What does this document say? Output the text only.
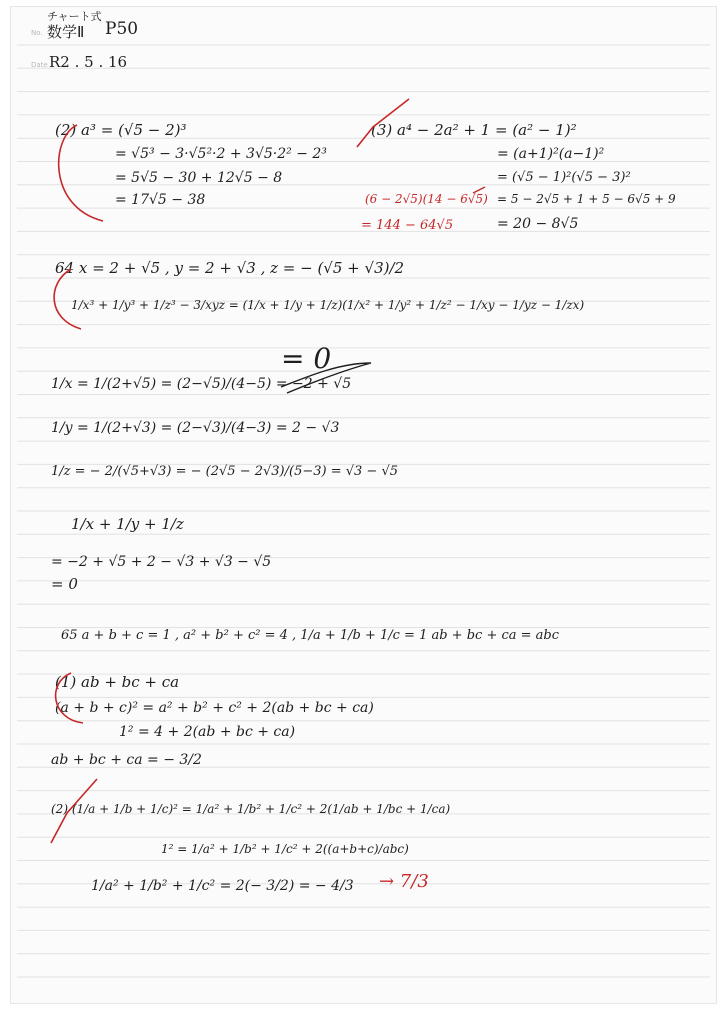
No.
Date
チャート式
数学Ⅱ P50
R2 . 5 . 16
(2) a³ = (√5 − 2)³
= √5³ − 3·√5²·2 + 3√5·2² − 2³
= 5√5 − 30 + 12√5 − 8
= 17√5 − 38
(3) a⁴ − 2a² + 1 = (a² − 1)²
= (a+1)²(a−1)²
= (√5 − 1)²(√5 − 3)²
= 5 − 2√5 + 1 + 5 − 6√5 + 9
= 20 − 8√5
(6 − 2√5)(14 − 6√5)
= 144 − 64√5
64 x = 2 + √5 , y = 2 + √3 , z = − (√5 + √3)/2
1/x³ + 1/y³ + 1/z³ − 3/xyz = (1/x + 1/y + 1/z)(1/x² + 1/y² + 1/z² − 1/xy − 1/yz − 1/zx)
= 0
1/x = 1/(2+√5) = (2−√5)/(4−5) = −2 + √5
1/y = 1/(2+√3) = (2−√3)/(4−3) = 2 − √3
1/z = − 2/(√5+√3) = − (2√5 − 2√3)/(5−3) = √3 − √5
1/x + 1/y + 1/z
= −2 + √5 + 2 − √3 + √3 − √5
= 0
65 a + b + c = 1 , a² + b² + c² = 4 , 1/a + 1/b + 1/c = 1 ab + bc + ca = abc
(1) ab + bc + ca
(a + b + c)² = a² + b² + c² + 2(ab + bc + ca)
1² = 4 + 2(ab + bc + ca)
ab + bc + ca = − 3/2
(2) (1/a + 1/b + 1/c)² = 1/a² + 1/b² + 1/c² + 2(1/ab + 1/bc + 1/ca)
1² = 1/a² + 1/b² + 1/c² + 2((a+b+c)/abc)
1/a² + 1/b² + 1/c² = 2(− 3/2) = − 4/3 → 7/3
